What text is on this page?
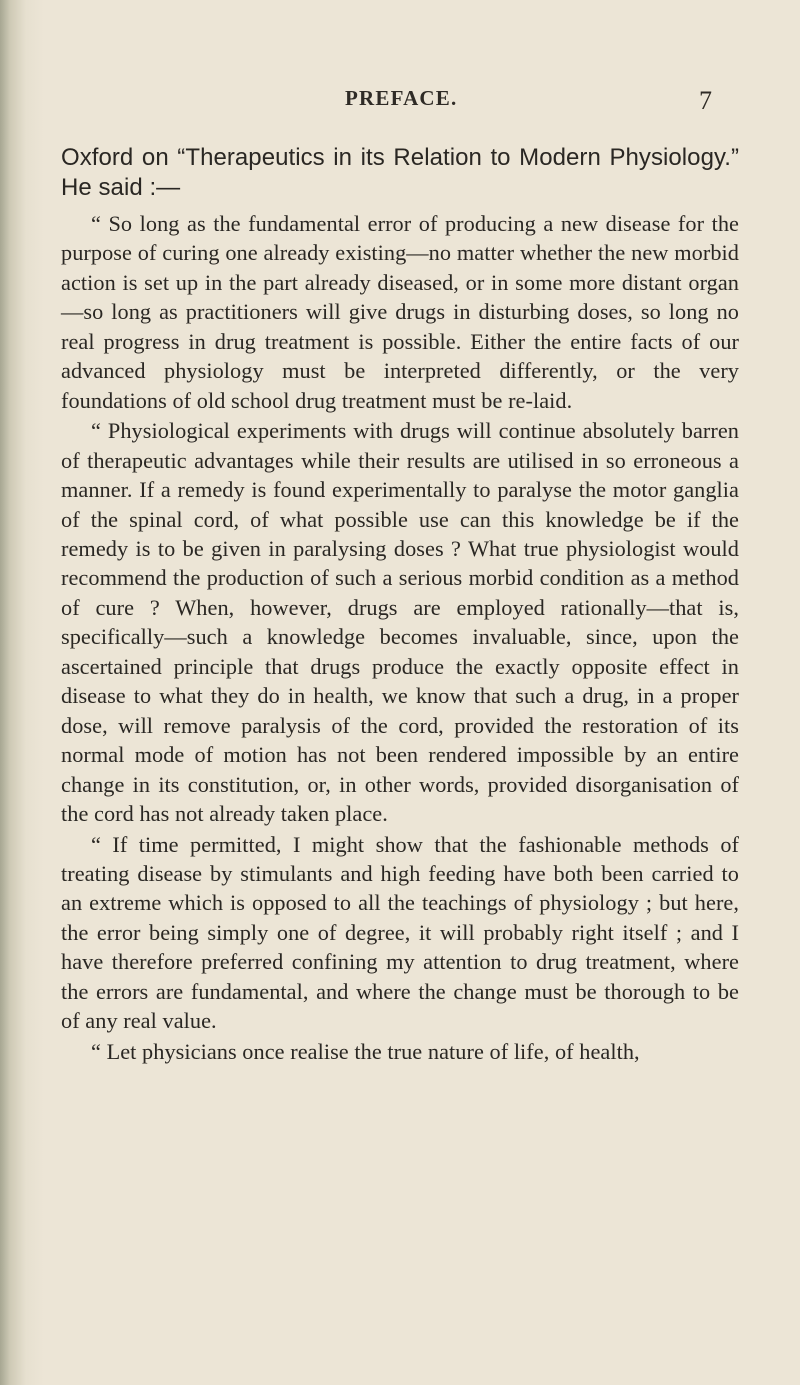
PREFACE.	7

Oxford on “Therapeutics in its Relation to Modern Physiology.” He said :—

“ So long as the fundamental error of producing a new disease for the purpose of curing one already existing—no matter whether the new morbid action is set up in the part already diseased, or in some more distant organ—so long as practitioners will give drugs in disturbing doses, so long no real progress in drug treatment is possible. Either the entire facts of our advanced physiology must be interpreted differently, or the very foundations of old school drug treatment must be re-laid.

“ Physiological experiments with drugs will continue absolutely barren of therapeutic advantages while their results are utilised in so erroneous a manner. If a remedy is found experimentally to paralyse the motor ganglia of the spinal cord, of what possible use can this knowledge be if the remedy is to be given in paralysing doses ? What true physiologist would recommend the production of such a serious morbid condition as a method of cure ? When, however, drugs are employed rationally—that is, specifically—such a knowledge becomes invaluable, since, upon the ascertained principle that drugs produce the exactly opposite effect in disease to what they do in health, we know that such a drug, in a proper dose, will remove paralysis of the cord, provided the restoration of its normal mode of motion has not been rendered impossible by an entire change in its constitution, or, in other words, provided disorganisation of the cord has not already taken place.

“ If time permitted, I might show that the fashionable methods of treating disease by stimulants and high feeding have both been carried to an extreme which is opposed to all the teachings of physiology ; but here, the error being simply one of degree, it will probably right itself ; and I have therefore preferred confining my attention to drug treatment, where the errors are fundamental, and where the change must be thorough to be of any real value.

“ Let physicians once realise the true nature of life, of health,
